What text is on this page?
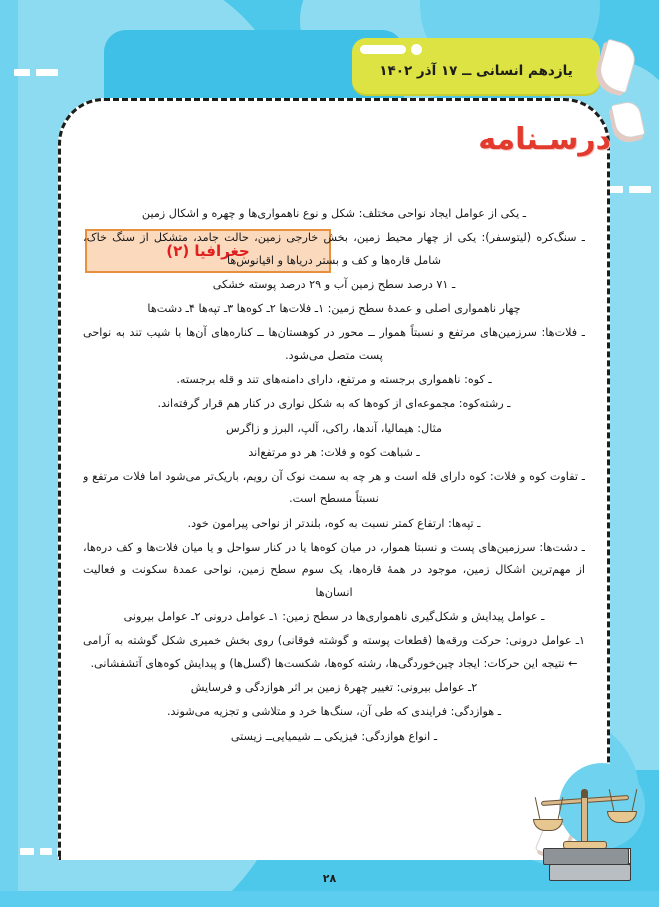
جغرافیا (۲)

ـ یکی از عوامل ایجاد نواحی مختلف: شکل و نوع ناهمواری‌ها و چهره و اشکال زمین

ـ سنگ‌کره (لیتوسفر): یکی از چهار محیط زمین، بخش خارجی زمین، حالت جامد، متشکل از سنگ خاک، شامل قاره‌ها و کف و بستر دریاها و اقیانوس‌ها

ـ ۷۱ درصد سطح زمین آب و ۲۹ درصد پوسته خشکی

چهار ناهمواری اصلی و عمدهٔ سطح زمین: ۱ـ فلات‌ها ۲ـ کوه‌ها ۳ـ تپه‌ها ۴ـ دشت‌ها

ـ فلات‌ها: سرزمین‌های مرتفع و نسبتاً هموار ــ محور در کوهستان‌ها ــ کناره‌های آن‌ها با شیب تند به نواحی پست متصل می‌شود.

ـ کوه: ناهمواری برجسته و مرتفع، دارای دامنه‌های تند و قله برجسته.

ـ رشته‌کوه: مجموعه‌ای از کوه‌ها که به شکل نواری در کنار هم قرار گرفته‌اند.

مثال: هیمالیا، آندها، راکی، آلپ، البرز و زاگرس

ـ شباهت کوه و فلات: هر دو مرتفع‌اند

ـ تفاوت کوه و فلات: کوه دارای قله است و هر چه به سمت نوک آن رویم، باریک‌تر می‌شود اما فلات مرتفع و نسبتاً مسطح است.

ـ تپه‌ها: ارتفاع کمتر نسبت به کوه، بلندتر از نواحی پیرامون خود.

ـ دشت‌ها: سرزمین‌های پست و نسبتا هموار، در میان کوه‌ها یا در کنار سواحل و یا میان فلات‌ها و کف دره‌ها، از مهم‌ترین اشکال زمین، موجود در همهٔ قاره‌ها، یک سوم سطح زمین، نواحی عمدهٔ سکونت و فعالیت انسان‌ها

ـ عوامل پیدایش و شکل‌گیری ناهمواری‌ها در سطح زمین: ۱ـ عوامل درونی ۲ـ عوامل بیرونی

۱ـ عوامل درونی: حرکت ورقه‌ها (قطعات پوسته و گوشته فوقانی) روی بخش خمیری شکل گوشته به آرامی ← نتیجه این حرکات: ایجاد چین‌خوردگی‌ها، رشته کوه‌ها، شکست‌ها (گسل‌ها) و پیدایش کوه‌های آتشفشانی.

۲ـ عوامل بیرونی: تغییر چهرهٔ زمین بر اثر هوازدگی و فرسایش

ـ هوازدگی: فرایندی که طی آن، سنگ‌ها خرد و متلاشی و تجزیه می‌شوند.

ـ انواع هوازدگی: فیزیکی ــ شیمیایی‌ــ زیستی

درسـنامه
یازدهم انسانی ــ ۱۷ آذر ۱۴۰۲
۲۸
